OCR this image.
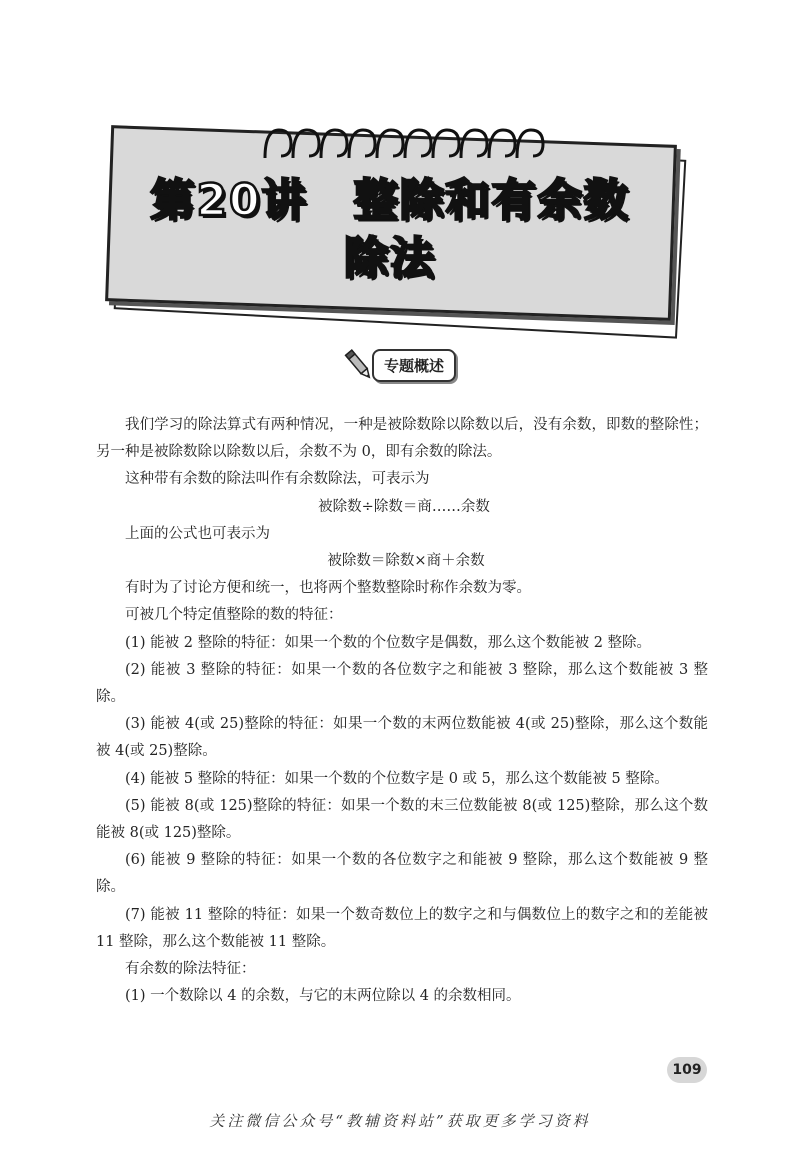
第20讲　整除和有余数
除法
专题概述

我们学习的除法算式有两种情况，一种是被除数除以除数以后，没有余数，即数的整除性；另一种是被除数除以除数以后，余数不为 0，即有余数的除法。

这种带有余数的除法叫作有余数除法，可表示为

被除数÷除数＝商……余数

上面的公式也可表示为

被除数＝除数×商＋余数

有时为了讨论方便和统一，也将两个整数整除时称作余数为零。

可被几个特定值整除的数的特征：

(1) 能被 2 整除的特征：如果一个数的个位数字是偶数，那么这个数能被 2 整除。

(2) 能被 3 整除的特征：如果一个数的各位数字之和能被 3 整除，那么这个数能被 3 整除。

(3) 能被 4(或 25)整除的特征：如果一个数的末两位数能被 4(或 25)整除，那么这个数能被 4(或 25)整除。

(4) 能被 5 整除的特征：如果一个数的个位数字是 0 或 5，那么这个数能被 5 整除。

(5) 能被 8(或 125)整除的特征：如果一个数的末三位数能被 8(或 125)整除，那么这个数能被 8(或 125)整除。

(6) 能被 9 整除的特征：如果一个数的各位数字之和能被 9 整除，那么这个数能被 9 整除。

(7) 能被 11 整除的特征：如果一个数奇数位上的数字之和与偶数位上的数字之和的差能被 11 整除，那么这个数能被 11 整除。

有余数的除法特征：

(1) 一个数除以 4 的余数，与它的末两位除以 4 的余数相同。

109
关注微信公众号“教辅资料站”获取更多学习资料
